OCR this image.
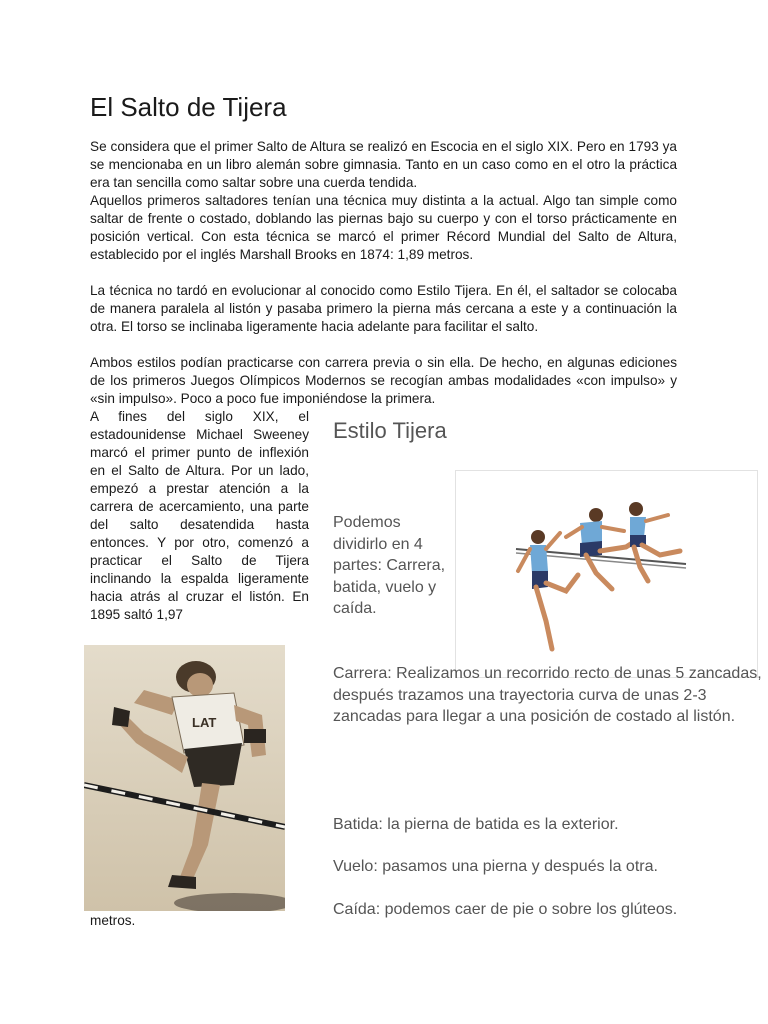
El Salto de Tijera

Se considera que el primer Salto de Altura se realizó en Escocia en el siglo XIX. Pero en 1793 ya se mencionaba en un libro alemán sobre gimnasia. Tanto en un caso como en el otro la práctica era tan sencilla como saltar sobre una cuerda tendida.

Aquellos primeros saltadores tenían una técnica muy distinta a la actual. Algo tan simple como saltar de frente o costado, doblando las piernas bajo su cuerpo y con el torso prácticamente en posición vertical. Con esta técnica se marcó el primer Récord Mundial del Salto de Altura, establecido por el inglés Marshall Brooks en 1874: 1,89 metros.

La técnica no tardó en evolucionar al conocido como Estilo Tijera. En él, el saltador se colocaba de manera paralela al listón y pasaba primero la pierna más cercana a este y a continuación la otra. El torso se inclinaba ligeramente hacia adelante para facilitar el salto.

Ambos estilos podían practicarse con carrera previa o sin ella. De hecho, en algunas ediciones de los primeros Juegos Olímpicos Modernos se recogían ambas modalidades «con impulso» y «sin impulso». Poco a poco fue imponiéndose la primera.

A fines del siglo XIX, el estadounidense Michael Sweeney marcó el primer punto de inflexión en el Salto de Altura. Por un lado, empezó a prestar atención a la carrera de acercamiento, una parte del salto desatendida hasta entonces. Y por otro, comenzó a practicar el Salto de Tijera inclinando la espalda ligeramente hacia atrás al cruzar el listón. En 1895 saltó 1,97

LAT
metros.
Estilo Tijera

Podemos dividirlo en 4 partes: Carrera, batida, vuelo y caída.

Carrera: Realizamos un recorrido recto de unas 5 zancadas, después trazamos una trayectoria curva de unas 2-3 zancadas para llegar a una posición de costado al listón.

Batida: la pierna de batida es la exterior.

Vuelo: pasamos una pierna y después la otra.

Caída: podemos caer de pie o sobre los glúteos.
